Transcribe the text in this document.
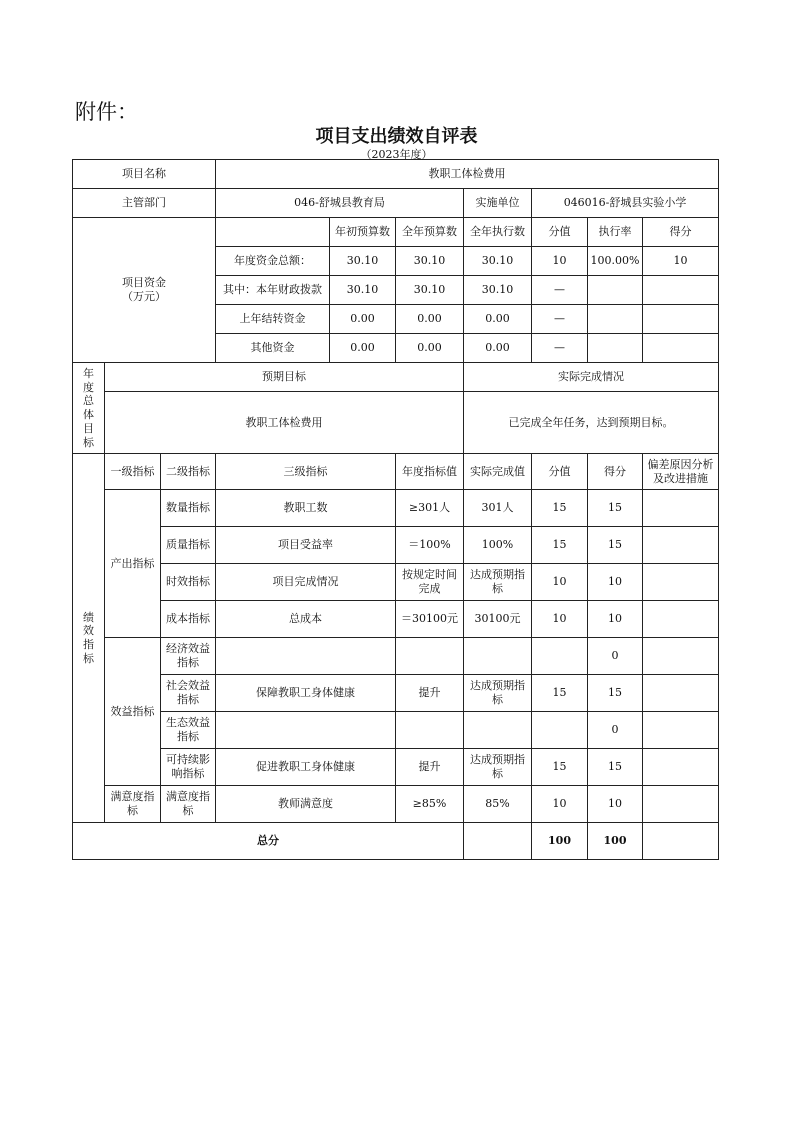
附件：
项目支出绩效自评表
（2023年度）
项目名称			教职工体检费用						
主管部门			046-舒城县教育局			实施单位	046016-舒城县实验小学		
项目资金
（万元）				年初预算数	全年预算数	全年执行数	分值	执行率	得分
			年度资金总额：	30.10	30.10	30.10	10	100.00%	10
			其中：本年财政拨款	30.10	30.10	30.10	—		
			上年结转资金	0.00	0.00	0.00	—		
			其他资金	0.00	0.00	0.00	—		
年度总体目标	预期目标					实际完成情况			
	教职工体检费用					已完成全年任务，达到预期目标。			
绩效指标	一级指标	二级指标	三级指标		年度指标值	实际完成值	分值	得分	偏差原因分析及改进措施
	产出指标	数量指标	教职工数		≥301人	301人	15	15	
		质量指标	项目受益率		＝100%	100%	15	15	
		时效指标	项目完成情况		按规定时间完成	达成预期指标	10	10	
		成本指标	总成本		＝30100元	30100元	10	10	
	效益指标	经济效益指标						0	
		社会效益指标	保障教职工身体健康		提升	达成预期指标	15	15	
		生态效益指标						0	
		可持续影响指标	促进教职工身体健康		提升	达成预期指标	15	15	
	满意度指标	满意度指标	教师满意度		≥85%	85%	10	10	
总分							100	100	
